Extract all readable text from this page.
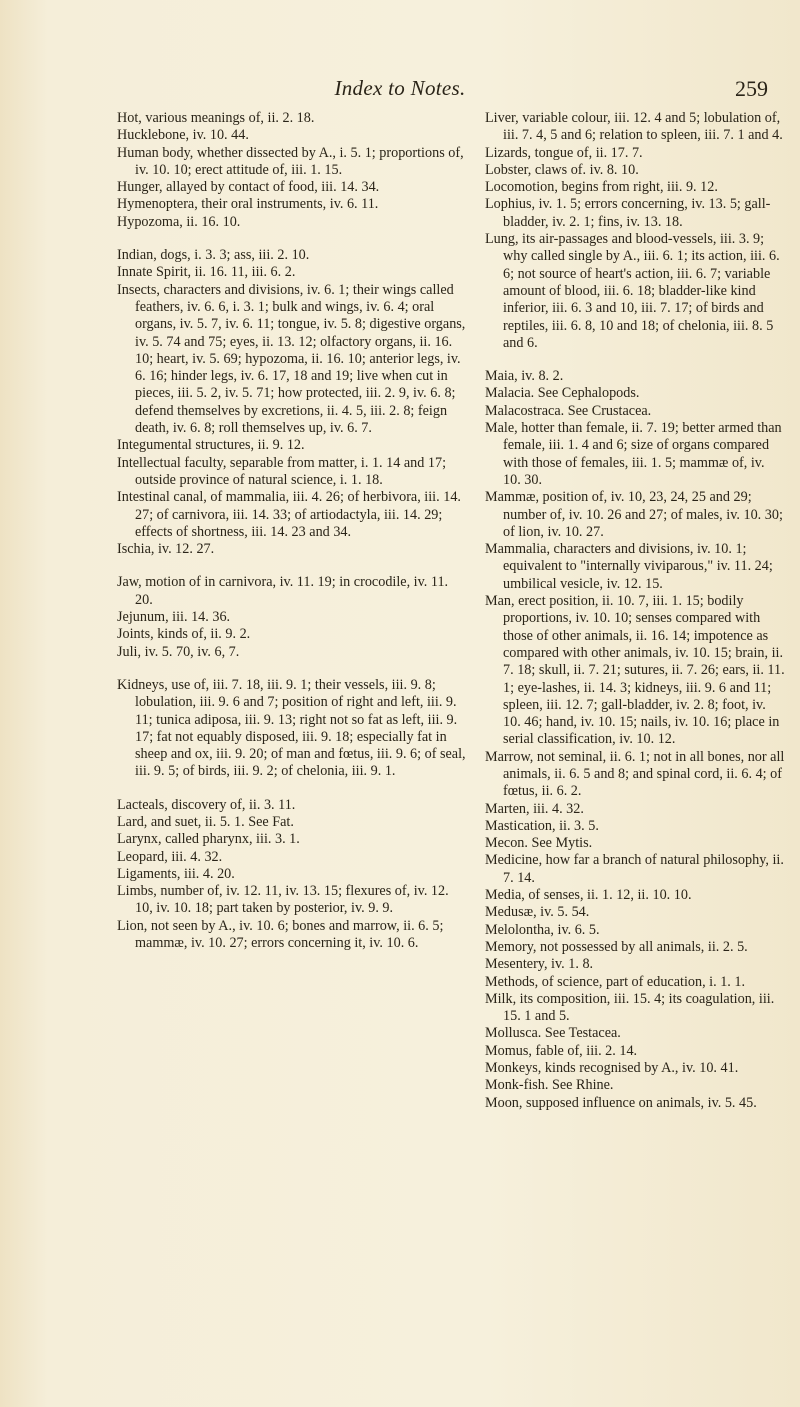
Index to Notes.	259

Hot, various meanings of, ii. 2. 18.

Hucklebone, iv. 10. 44.

Human body, whether dissected by A., i. 5. 1; proportions of, iv. 10. 10; erect attitude of, iii. 1. 15.

Hunger, allayed by contact of food, iii. 14. 34.

Hymenoptera, their oral instruments, iv. 6. 11.

Hypozoma, ii. 16. 10.

Indian, dogs, i. 3. 3; ass, iii. 2. 10.

Innate Spirit, ii. 16. 11, iii. 6. 2.

Insects, characters and divisions, iv. 6. 1; their wings called feathers, iv. 6. 6, i. 3. 1; bulk and wings, iv. 6. 4; oral organs, iv. 5. 7, iv. 6. 11; tongue, iv. 5. 8; digestive organs, iv. 5. 74 and 75; eyes, ii. 13. 12; olfactory organs, ii. 16. 10; heart, iv. 5. 69; hypozoma, ii. 16. 10; anterior legs, iv. 6. 16; hinder legs, iv. 6. 17, 18 and 19; live when cut in pieces, iii. 5. 2, iv. 5. 71; how protected, iii. 2. 9, iv. 6. 8; defend themselves by excretions, ii. 4. 5, iii. 2. 8; feign death, iv. 6. 8; roll themselves up, iv. 6. 7.

Integumental structures, ii. 9. 12.

Intellectual faculty, separable from matter, i. 1. 14 and 17; outside province of natural science, i. 1. 18.

Intestinal canal, of mammalia, iii. 4. 26; of herbivora, iii. 14. 27; of carnivora, iii. 14. 33; of artiodactyla, iii. 14. 29; effects of shortness, iii. 14. 23 and 34.

Ischia, iv. 12. 27.

Jaw, motion of in carnivora, iv. 11. 19; in crocodile, iv. 11. 20.

Jejunum, iii. 14. 36.

Joints, kinds of, ii. 9. 2.

Juli, iv. 5. 70, iv. 6, 7.

Kidneys, use of, iii. 7. 18, iii. 9. 1; their vessels, iii. 9. 8; lobulation, iii. 9. 6 and 7; position of right and left, iii. 9. 11; tunica adiposa, iii. 9. 13; right not so fat as left, iii. 9. 17; fat not equably disposed, iii. 9. 18; especially fat in sheep and ox, iii. 9. 20; of man and fœtus, iii. 9. 6; of seal, iii. 9. 5; of birds, iii. 9. 2; of chelonia, iii. 9. 1.

Lacteals, discovery of, ii. 3. 11.

Lard, and suet, ii. 5. 1. See Fat.

Larynx, called pharynx, iii. 3. 1.

Leopard, iii. 4. 32.

Ligaments, iii. 4. 20.

Limbs, number of, iv. 12. 11, iv. 13. 15; flexures of, iv. 12. 10, iv. 10. 18; part taken by posterior, iv. 9. 9.

Lion, not seen by A., iv. 10. 6; bones and marrow, ii. 6. 5; mammæ, iv. 10. 27; errors concerning it, iv. 10. 6.

Liver, variable colour, iii. 12. 4 and 5; lobulation of, iii. 7. 4, 5 and 6; relation to spleen, iii. 7. 1 and 4.

Lizards, tongue of, ii. 17. 7.

Lobster, claws of. iv. 8. 10.

Locomotion, begins from right, iii. 9. 12.

Lophius, iv. 1. 5; errors concerning, iv. 13. 5; gall-bladder, iv. 2. 1; fins, iv. 13. 18.

Lung, its air-passages and blood-vessels, iii. 3. 9; why called single by A., iii. 6. 1; its action, iii. 6. 6; not source of heart's action, iii. 6. 7; variable amount of blood, iii. 6. 18; bladder-like kind inferior, iii. 6. 3 and 10, iii. 7. 17; of birds and reptiles, iii. 6. 8, 10 and 18; of chelonia, iii. 8. 5 and 6.

Maia, iv. 8. 2.

Malacia. See Cephalopods.

Malacostraca. See Crustacea.

Male, hotter than female, ii. 7. 19; better armed than female, iii. 1. 4 and 6; size of organs compared with those of females, iii. 1. 5; mammæ of, iv. 10. 30.

Mammæ, position of, iv. 10, 23, 24, 25 and 29; number of, iv. 10. 26 and 27; of males, iv. 10. 30; of lion, iv. 10. 27.

Mammalia, characters and divisions, iv. 10. 1; equivalent to "internally viviparous," iv. 11. 24; umbilical vesicle, iv. 12. 15.

Man, erect position, ii. 10. 7, iii. 1. 15; bodily proportions, iv. 10. 10; senses compared with those of other animals, ii. 16. 14; impotence as compared with other animals, iv. 10. 15; brain, ii. 7. 18; skull, ii. 7. 21; sutures, ii. 7. 26; ears, ii. 11. 1; eye-lashes, ii. 14. 3; kidneys, iii. 9. 6 and 11; spleen, iii. 12. 7; gall-bladder, iv. 2. 8; foot, iv. 10. 46; hand, iv. 10. 15; nails, iv. 10. 16; place in serial classification, iv. 10. 12.

Marrow, not seminal, ii. 6. 1; not in all bones, nor all animals, ii. 6. 5 and 8; and spinal cord, ii. 6. 4; of fœtus, ii. 6. 2.

Marten, iii. 4. 32.

Mastication, ii. 3. 5.

Mecon. See Mytis.

Medicine, how far a branch of natural philosophy, ii. 7. 14.

Media, of senses, ii. 1. 12, ii. 10. 10.

Medusæ, iv. 5. 54.

Melolontha, iv. 6. 5.

Memory, not possessed by all animals, ii. 2. 5.

Mesentery, iv. 1. 8.

Methods, of science, part of education, i. 1. 1.

Milk, its composition, iii. 15. 4; its coagulation, iii. 15. 1 and 5.

Mollusca. See Testacea.

Momus, fable of, iii. 2. 14.

Monkeys, kinds recognised by A., iv. 10. 41.

Monk-fish. See Rhine.

Moon, supposed influence on animals, iv. 5. 45.
